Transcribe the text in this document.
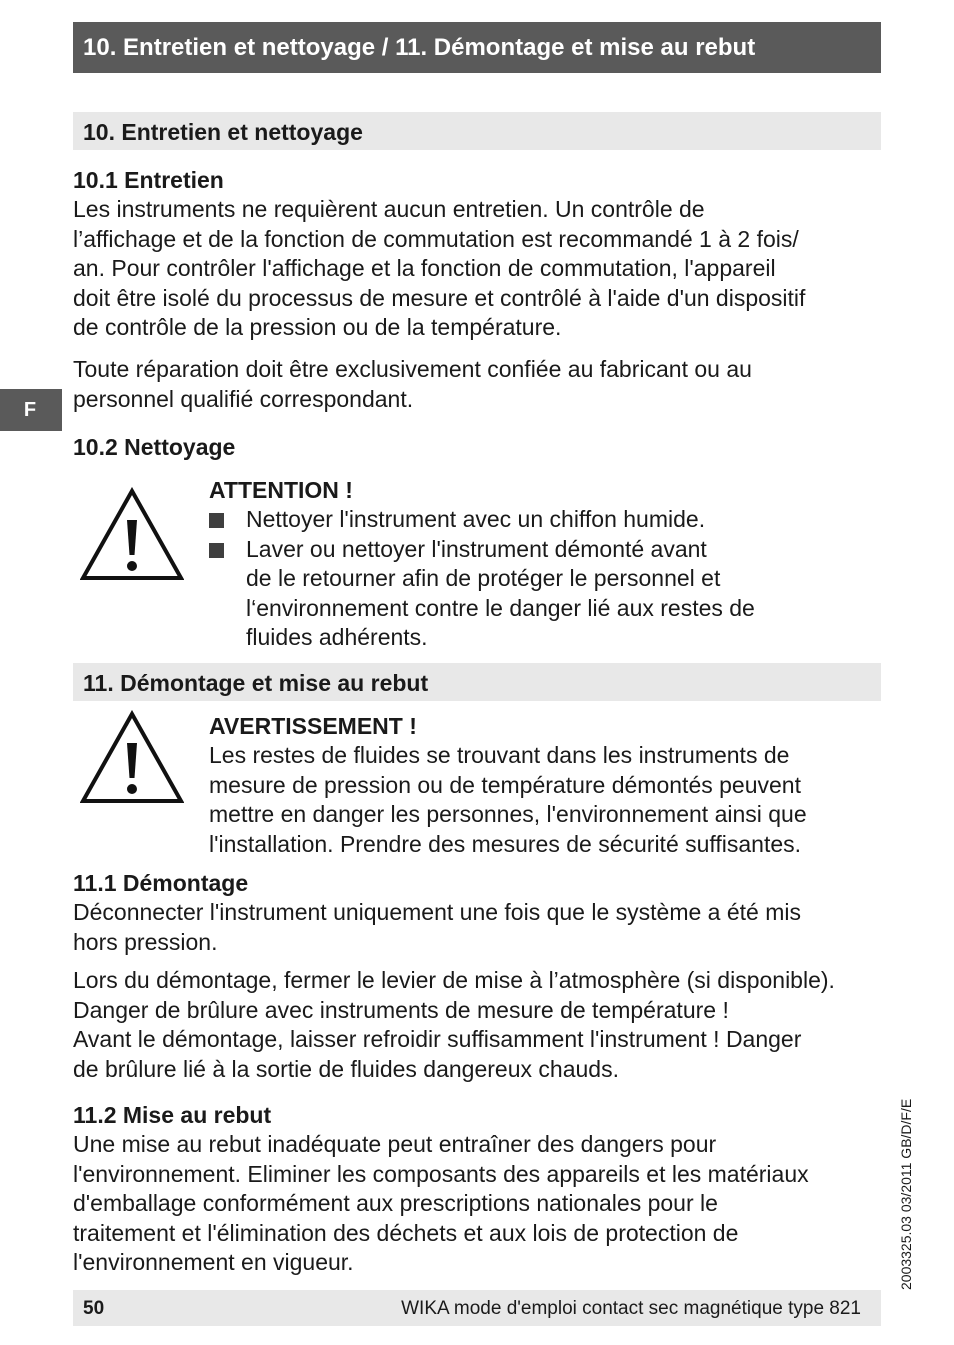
10. Entretien et nettoyage / 11. Démontage et mise au rebut
F
10. Entretien et nettoyage
10.1 Entretien

Les instruments ne requièrent aucun entretien. Un contrôle de

l’affichage et de la fonction de commutation est recommandé 1 à 2 fois/

an. Pour contrôler l'affichage et la fonction de commutation, l'appareil

doit être isolé du processus de mesure et contrôlé à l'aide d'un dispositif

de contrôle de la pression ou de la température.

Toute réparation doit être exclusivement confiée au fabricant ou au

personnel qualifié correspondant.

10.2 Nettoyage
ATTENTION !

Nettoyer l'instrument avec un chiffon humide.

Laver ou nettoyer l'instrument démonté avant

de le retourner afin de protéger le personnel et

l‘environnement contre le danger lié aux restes de

fluides adhérents.

11. Démontage et mise au rebut
AVERTISSEMENT !

Les restes de fluides se trouvant dans les instruments de

mesure de pression ou de température démontés peuvent

mettre en danger les personnes, l'environnement ainsi que

l'installation. Prendre des mesures de sécurité suffisantes.

11.1 Démontage

Déconnecter l'instrument uniquement une fois que le système a été mis

hors pression.

Lors du démontage, fermer le levier de mise à l’atmosphère (si disponible).

Danger de brûlure avec instruments de mesure de température !

Avant le démontage, laisser refroidir suffisamment l'instrument ! Danger

de brûlure lié à la sortie de fluides dangereux chauds.

11.2 Mise au rebut

Une mise au rebut inadéquate peut entraîner des dangers pour

l'environnement. Eliminer les composants des appareils et les matériaux

d'emballage conformément aux prescriptions nationales pour le

traitement et l'élimination des déchets et aux lois de protection de

l'environnement en vigueur.

50	WIKA mode d'emploi contact sec magnétique type 821
2003325.03 03/2011 GB/D/F/E
